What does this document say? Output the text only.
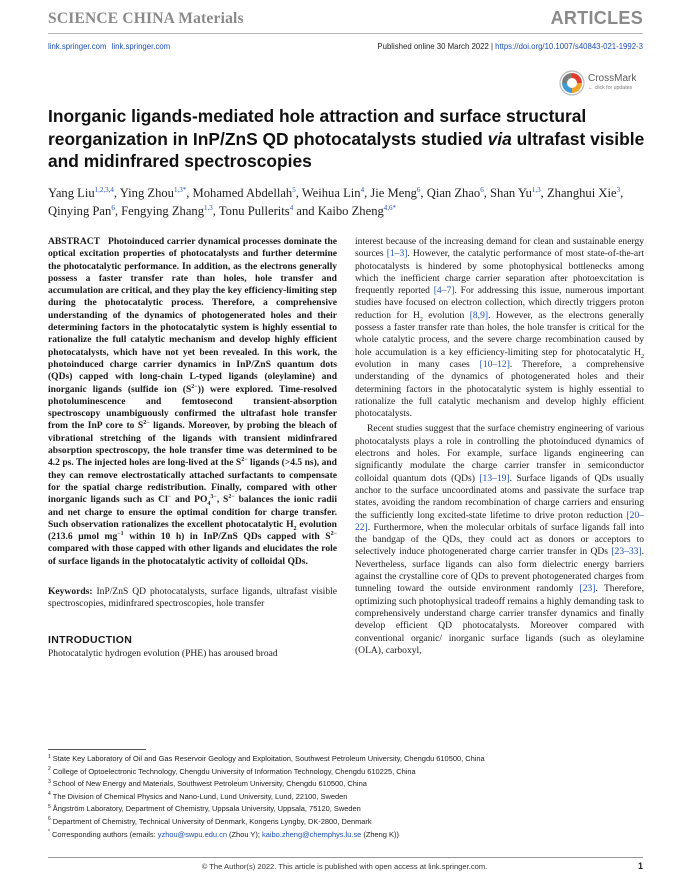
SCIENCE CHINA Materials	ARTICLES
link.springer.com link.springer.com	Published online 30 March 2022 | https://doi.org/10.1007/s40843-021-1992-3
CrossMark
← click for updates
Inorganic ligands-mediated hole attraction and surface structural reorganization in InP/ZnS QD photocatalysts studied via ultrafast visible and midinfrared spectroscopies
Yang Liu$^{1,2,3,4}$, Ying Zhou$^{1,3*}$, Mohamed Abdellah$^5$, Weihua Lin$^4$, Jie Meng$^6$, Qian Zhao$^6$, Shan Yu$^{1,3}$, Zhanghui Xie$^3$, Qinying Pan$^6$, Fengying Zhang$^{1,3}$, Tonu Pullerits$^4$ and Kaibo Zheng$^{4,6*}$

ABSTRACT Photoinduced carrier dynamical processes dominate the optical excitation properties of photocatalysts and further determine the photocatalytic performance. In addition, as the electrons generally possess a faster transfer rate than holes, hole transfer and accumulation are critical, and they play the key efficiency-limiting step during the photocatalytic process. Therefore, a comprehensive understanding of the dynamics of photogenerated holes and their determining factors in the photocatalytic system is highly essential to rationalize the full catalytic mechanism and develop highly efficient photocatalysts, which have not yet been revealed. In this work, the photoinduced charge carrier dynamics in InP/ZnS quantum dots (QDs) capped with long-chain L-typed ligands (oleylamine) and inorganic ligands (sulfide ion $(S^{2-})$) were explored. Time-resolved photoluminescence and femtosecond transient-absorption spectroscopy unambiguously confirmed the ultrafast hole transfer from the InP core to $S^{2-}$ ligands. Moreover, by probing the bleach of vibrational stretching of the ligands with transient midinfrared absorption spectroscopy, the hole transfer time was determined to be 4.2 ps. The injected holes are long-lived at the $S^{2-}$ ligands (>4.5 ns), and they can remove electrostatically attached surfactants to compensate for the spatial charge redistribution. Finally, compared with other inorganic ligands such as Cl− and $PO_4^{3-}$, $S^{2-}$ balances the ionic radii and net charge to ensure the optimal condition for charge transfer. Such observation rationalizes the excellent photocatalytic $H_2$ evolution (213.6 μmol $mg^{-1}$ within 10 h) in InP/ZnS QDs capped with $S^{2-}$ compared with those capped with other ligands and elucidates the role of surface ligands in the photocatalytic activity of colloidal QDs.

Keywords: InP/ZnS QD photocatalysts, surface ligands, ultrafast visible spectroscopies, midinfrared spectroscopies, hole transfer

INTRODUCTION

Photocatalytic hydrogen evolution (PHE) has aroused broad

interest because of the increasing demand for clean and sustainable energy sources [1–3]. However, the catalytic performance of most state-of-the-art photocatalysts is hindered by some photophysical bottlenecks among which the inefficient charge carrier separation after photoexcitation is frequently reported [4–7]. For addressing this issue, numerous important studies have focused on electron collection, which directly triggers proton reduction for $H_2$ evolution [8,9]. However, as the electrons generally possess a faster transfer rate than holes, the hole transfer is critical for the whole catalytic process, and the severe charge recombination caused by hole accumulation is a key efficiency-limiting step for photocatalytic $H_2$ evolution in many cases [10–12]. Therefore, a comprehensive understanding of the dynamics of photogenerated holes and their determining factors in the photocatalytic system is highly essential to rationalize the full catalytic mechanism and develop highly efficient photocatalysts.

Recent studies suggest that the surface chemistry engineering of various photocatalysts plays a role in controlling the photoinduced dynamics of electrons and holes. For example, surface ligands engineering can significantly modulate the charge carrier transfer in semiconductor colloidal quantum dots (QDs) [13–19]. Surface ligands of QDs usually anchor to the surface uncoordinated atoms and passivate the surface trap states, avoiding the random recombination of charge carriers and ensuring the sufficiently long excited-state lifetime to drive proton reduction [20–22]. Furthermore, when the molecular orbitals of surface ligands fall into the bandgap of the QDs, they could act as donors or acceptors to selectively induce photogenerated charge carrier transfer in QDs [23–33]. Nevertheless, surface ligands can also form dielectric energy barriers against the crystalline core of QDs to prevent photogenerated charges from tunneling toward the outside environment randomly [23]. Therefore, optimizing such photophysical tradeoff remains a highly demanding task to comprehensively understand charge carrier transfer dynamics and finally develop efficient QD photocatalysts. Moreover compared with conventional organic/ inorganic surface ligands (such as oleylamine (OLA), carboxyl,

$^1$ State Key Laboratory of Oil and Gas Reservoir Geology and Exploitation, Southwest Petroleum University, Chengdu 610500, China
$^2$ College of Optoelectronic Technology, Chengdu University of Information Technology, Chengdu 610225, China
$^3$ School of New Energy and Materials, Southwest Petroleum University, Chengdu 610500, China
$^4$ The Division of Chemical Physics and Nano-Lund, Lund University, Lund, 22100, Sweden
$^5$ Ångström Laboratory, Department of Chemistry, Uppsala University, Uppsala, 75120, Sweden
$^6$ Department of Chemistry, Technical University of Denmark, Kongens Lyngby, DK-2800, Denmark
* Corresponding authors (emails: yzhou@swpu.edu.cn (Zhou Y); kaibo.zheng@chemphys.lu.se (Zheng K))
© The Author(s) 2022. This article is published with open access at link.springer.com.	1
